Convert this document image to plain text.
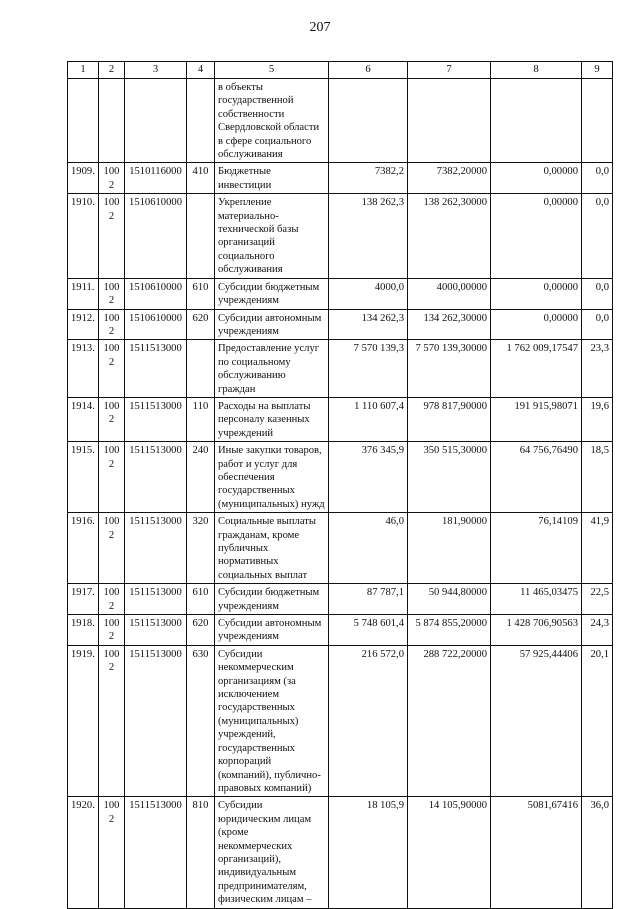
207
1	2	3	4	5	6	7	8	9
				в объекты государственной собственности Свердловской области в сфере социального обслуживания				
1909.	1002	1510116000	410	Бюджетные инвестиции	7382,2	7382,20000	0,00000	0,0
1910.	1002	1510610000		Укрепление материально-технической базы организаций социального обслуживания	138 262,3	138 262,30000	0,00000	0,0
1911.	1002	1510610000	610	Субсидии бюджетным учреждениям	4000,0	4000,00000	0,00000	0,0
1912.	1002	1510610000	620	Субсидии автономным учреждениям	134 262,3	134 262,30000	0,00000	0,0
1913.	1002	1511513000		Предоставление услуг по социальному обслуживанию граждан	7 570 139,3	7 570 139,30000	1 762 009,17547	23,3
1914.	1002	1511513000	110	Расходы на выплаты персоналу казенных учреждений	1 110 607,4	978 817,90000	191 915,98071	19,6
1915.	1002	1511513000	240	Иные закупки товаров, работ и услуг для обеспечения государственных (муниципальных) нужд	376 345,9	350 515,30000	64 756,76490	18,5
1916.	1002	1511513000	320	Социальные выплаты гражданам, кроме публичных нормативных социальных выплат	46,0	181,90000	76,14109	41,9
1917.	1002	1511513000	610	Субсидии бюджетным учреждениям	87 787,1	50 944,80000	11 465,03475	22,5
1918.	1002	1511513000	620	Субсидии автономным учреждениям	5 748 601,4	5 874 855,20000	1 428 706,90563	24,3
1919.	1002	1511513000	630	Субсидии некоммерческим организациям (за исключением государственных (муниципальных) учреждений, государственных корпораций (компаний), публично-правовых компаний)	216 572,0	288 722,20000	57 925,44406	20,1
1920.	1002	1511513000	810	Субсидии юридическим лицам (кроме некоммерческих организаций), индивидуальным предпринимателям, физическим лицам –	18 105,9	14 105,90000	5081,67416	36,0
